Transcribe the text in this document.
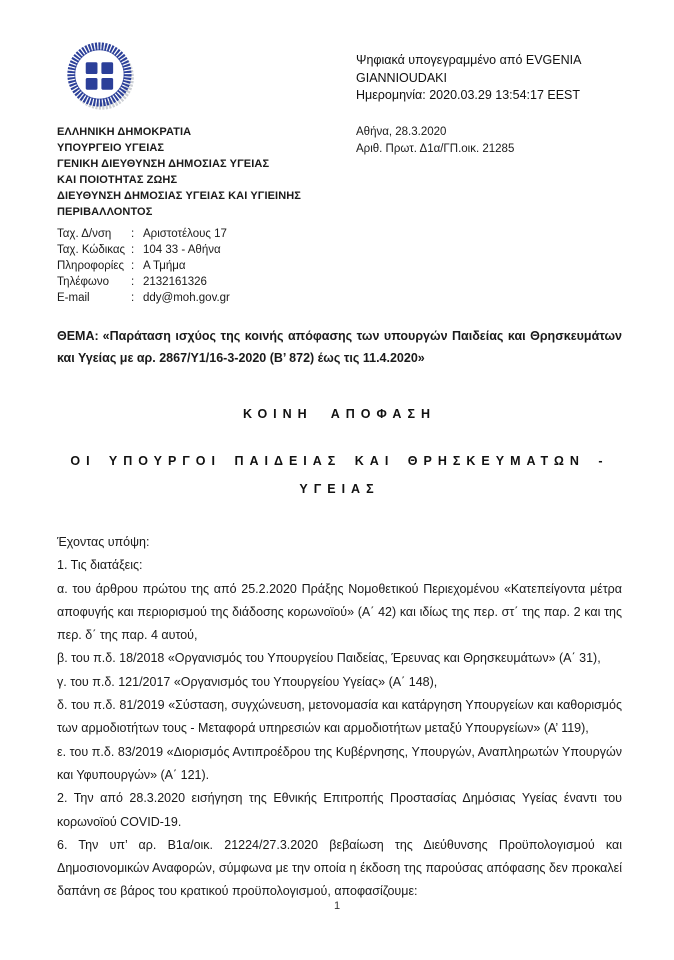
Ψηφιακά υπογεγραμμένο από EVGENIA
GIANNIOUDAKI
Ημερομηνία: 2020.03.29 13:54:17 EEST
ΕΛΛΗΝΙΚΗ ΔΗΜΟΚΡΑΤΙΑ
ΥΠΟΥΡΓΕΙΟ ΥΓΕΙΑΣ
ΓΕΝΙΚΗ ΔΙΕΥΘΥΝΣΗ ΔΗΜΟΣΙΑΣ ΥΓΕΙΑΣ
ΚΑΙ ΠΟΙΟΤΗΤΑΣ ΖΩΗΣ
ΔΙΕΥΘΥΝΣΗ ΔΗΜΟΣΙΑΣ ΥΓΕΙΑΣ ΚΑΙ ΥΓΙΕΙΝΗΣ
ΠΕΡΙΒΑΛΛΟΝΤΟΣ
Αθήνα, 28.3.2020
Αριθ. Πρωτ. Δ1α/ΓΠ.οικ. 21285
Ταχ. Δ/νση	: Αριστοτέλους 17
Ταχ. Κώδικας : 104 33 - Αθήνα
Πληροφορίες : Α Τμήμα
Τηλέφωνο	: 2132161326
E-mail	: ddy@moh.gov.gr

ΘΕΜΑ: «Παράταση ισχύος της κοινής απόφασης των υπουργών Παιδείας και Θρησκευμάτων και Υγείας με αρ. 2867/Υ1/16-3-2020 (Β’ 872) έως τις 11.4.2020»

ΚΟΙΝΗ ΑΠΟΦΑΣΗ
ΟΙ ΥΠΟΥΡΓΟΙ ΠΑΙΔΕΙΑΣ ΚΑΙ ΘΡΗΣΚΕΥΜΑΤΩΝ -
ΥΓΕΙΑΣ

Έχοντας υπόψη:

1. Τις διατάξεις:

α. του άρθρου πρώτου της από 25.2.2020 Πράξης Νομοθετικού Περιεχομένου «Κατεπείγοντα μέτρα αποφυγής και περιορισμού της διάδοσης κορωνοϊού» (Α΄ 42) και ιδίως της περ. στ΄ της παρ. 2 και της περ. δ΄ της παρ. 4 αυτού,

β. του π.δ. 18/2018 «Οργανισμός του Υπουργείου Παιδείας, Έρευνας και Θρησκευμάτων» (Α΄ 31),

γ. του π.δ. 121/2017 «Οργανισμός του Υπουργείου Υγείας» (Α΄ 148),

δ. του π.δ. 81/2019 «Σύσταση, συγχώνευση, μετονομασία και κατάργηση Υπουργείων και καθορισμός των αρμοδιοτήτων τους - Μεταφορά υπηρεσιών και αρμοδιοτήτων μεταξύ Υπουργείων» (Α’ 119),

ε. του π.δ. 83/2019 «Διορισμός Αντιπροέδρου της Κυβέρνησης, Υπουργών, Αναπληρωτών Υπουργών και Υφυπουργών» (Α΄ 121).

2. Την από 28.3.2020 εισήγηση της Εθνικής Επιτροπής Προστασίας Δημόσιας Υγείας έναντι του κορωνοϊού COVID-19.

6. Την υπ’ αρ. Β1α/οικ. 21224/27.3.2020 βεβαίωση της Διεύθυνσης Προϋπολογισμού και Δημοσιονομικών Αναφορών, σύμφωνα με την οποία η έκδοση της παρούσας απόφασης δεν προκαλεί δαπάνη σε βάρος του κρατικού προϋπολογισμού, αποφασίζουμε:

1
